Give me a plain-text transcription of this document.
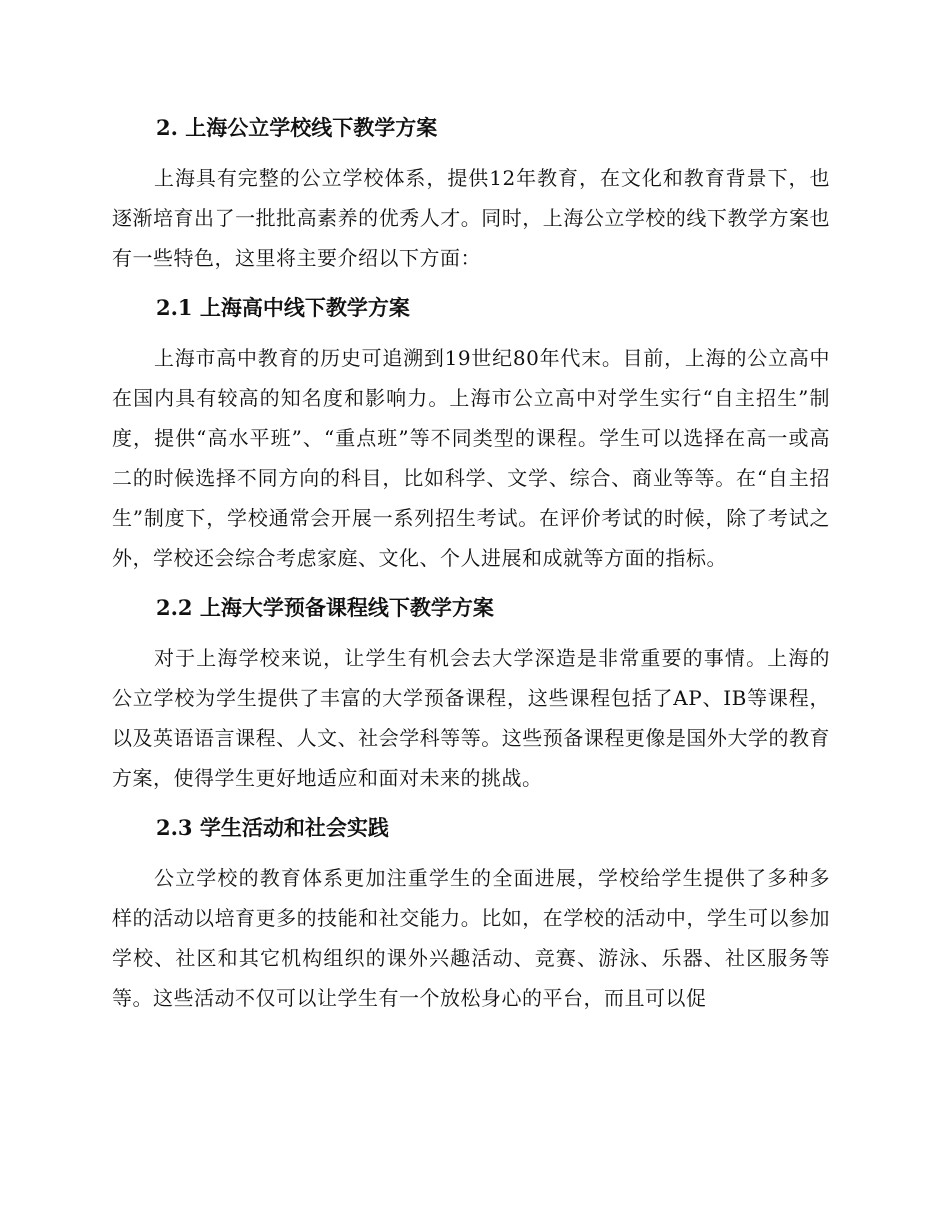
2. 上海公立学校线下教学方案

上海具有完整的公立学校体系，提供12年教育，在文化和教育背景下，也逐渐培育出了一批批高素养的优秀人才。同时，上海公立学校的线下教学方案也有一些特色，这里将主要介绍以下方面：

2.1 上海高中线下教学方案

上海市高中教育的历史可追溯到19世纪80年代末。目前，上海的公立高中在国内具有较高的知名度和影响力。上海市公立高中对学生实行“自主招生”制度，提供“高水平班”、“重点班”等不同类型的课程。学生可以选择在高一或高二的时候选择不同方向的科目，比如科学、文学、综合、商业等等。在“自主招生”制度下，学校通常会开展一系列招生考试。在评价考试的时候，除了考试之外，学校还会综合考虑家庭、文化、个人进展和成就等方面的指标。

2.2 上海大学预备课程线下教学方案

对于上海学校来说，让学生有机会去大学深造是非常重要的事情。上海的公立学校为学生提供了丰富的大学预备课程，这些课程包括了AP、IB等课程，以及英语语言课程、人文、社会学科等等。这些预备课程更像是国外大学的教育方案，使得学生更好地适应和面对未来的挑战。

2.3 学生活动和社会实践

公立学校的教育体系更加注重学生的全面进展，学校给学生提供了多种多样的活动以培育更多的技能和社交能力。比如，在学校的活动中，学生可以参加学校、社区和其它机构组织的课外兴趣活动、竞赛、游泳、乐器、社区服务等等。这些活动不仅可以让学生有一个放松身心的平台，而且可以促
